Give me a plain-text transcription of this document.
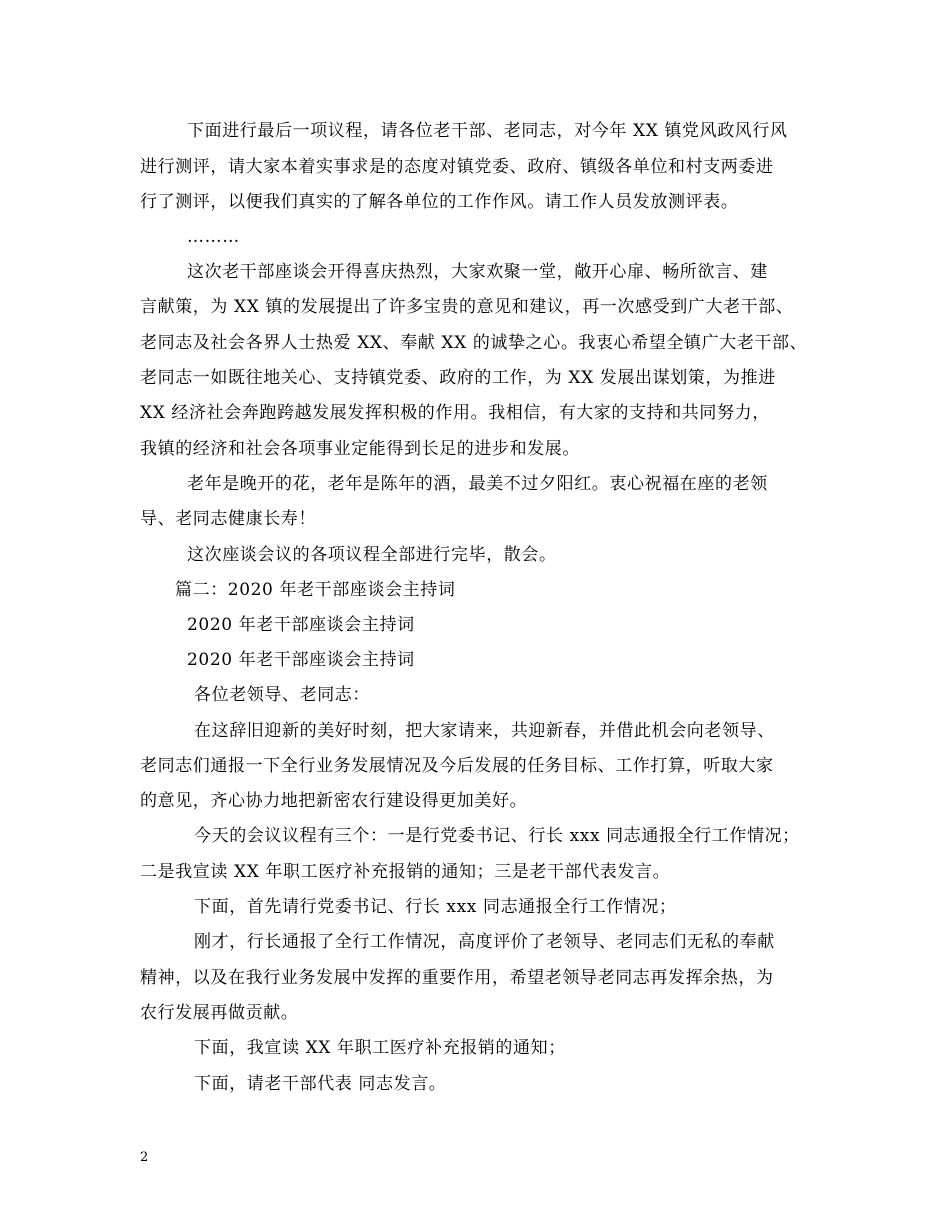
下面进行最后一项议程，请各位老干部、老同志，对今年 XX 镇党风政风行风
进行测评，请大家本着实事求是的态度对镇党委、政府、镇级各单位和村支两委进
行了测评，以便我们真实的了解各单位的工作作风。请工作人员发放测评表。
………
这次老干部座谈会开得喜庆热烈，大家欢聚一堂，敞开心扉、畅所欲言、建
言献策，为 XX 镇的发展提出了许多宝贵的意见和建议，再一次感受到广大老干部、
老同志及社会各界人士热爱 XX、奉献 XX 的诚挚之心。我衷心希望全镇广大老干部、
老同志一如既往地关心、支持镇党委、政府的工作，为 XX 发展出谋划策，为推进
XX 经济社会奔跑跨越发展发挥积极的作用。我相信，有大家的支持和共同努力，
我镇的经济和社会各项事业定能得到长足的进步和发展。
老年是晚开的花，老年是陈年的酒，最美不过夕阳红。衷心祝福在座的老领
导、老同志健康长寿！
这次座谈会议的各项议程全部进行完毕，散会。
篇二：2020 年老干部座谈会主持词
2020 年老干部座谈会主持词
2020 年老干部座谈会主持词
各位老领导、老同志：
在这辞旧迎新的美好时刻，把大家请来，共迎新春，并借此机会向老领导、
老同志们通报一下全行业务发展情况及今后发展的任务目标、工作打算，听取大家
的意见，齐心协力地把新密农行建设得更加美好。
今天的会议议程有三个：一是行党委书记、行长 xxx 同志通报全行工作情况；
二是我宣读 XX 年职工医疗补充报销的通知；三是老干部代表发言。
下面，首先请行党委书记、行长 xxx 同志通报全行工作情况；
刚才，行长通报了全行工作情况，高度评价了老领导、老同志们无私的奉献
精神，以及在我行业务发展中发挥的重要作用，希望老领导老同志再发挥余热，为
农行发展再做贡献。
下面，我宣读 XX 年职工医疗补充报销的通知；
下面，请老干部代表 同志发言。
2
